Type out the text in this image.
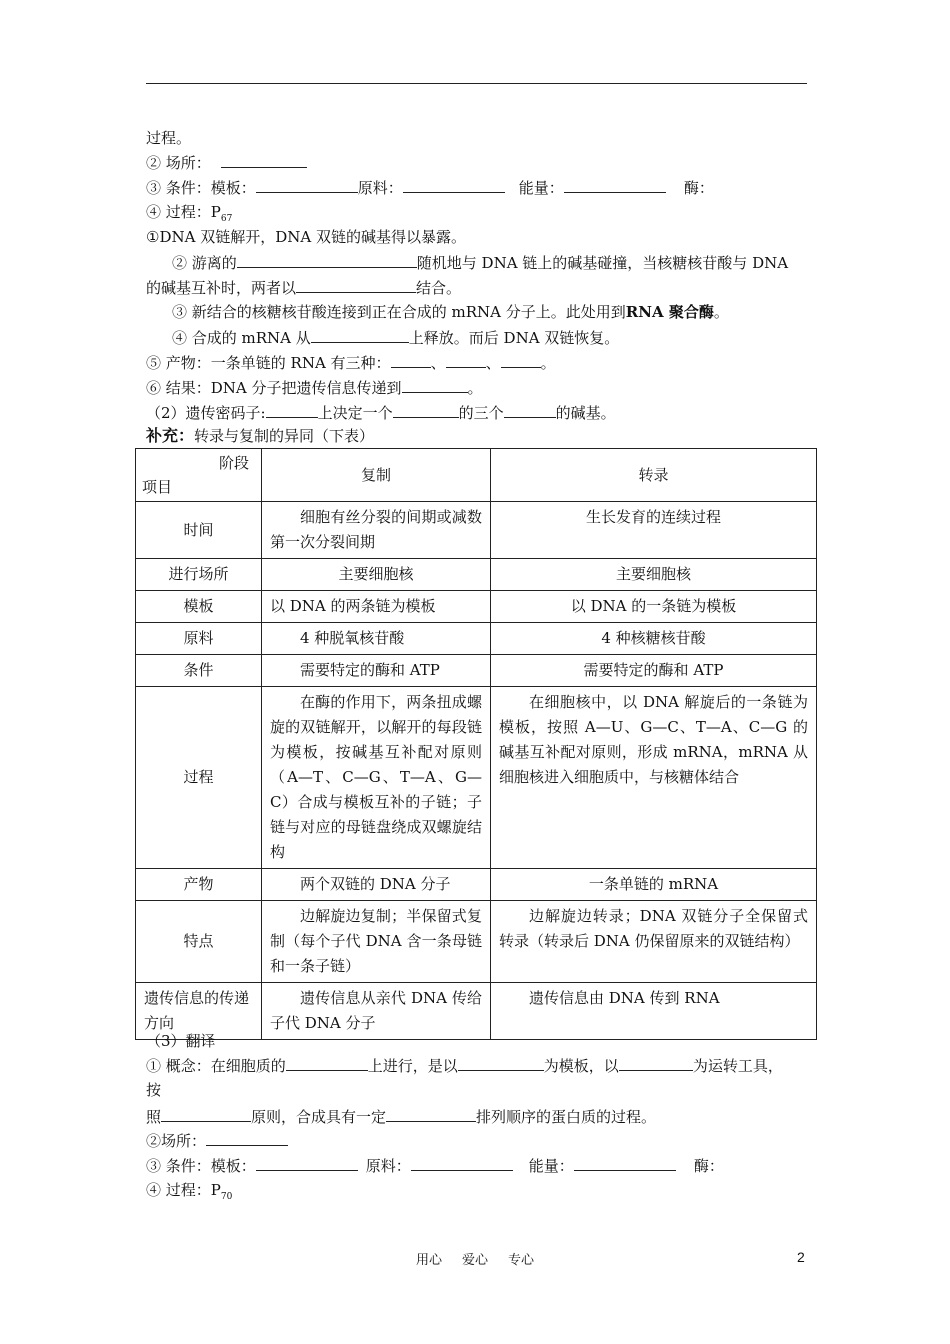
过程。
② 场所：
③ 条件：模板：	原料：	能量：	酶：
④ 过程：$P_{67}$
①DNA 双链解开，DNA 双链的碱基得以暴露。
② 游离的	随机地与 DNA 链上的碱基碰撞，当核糖核苷酸与 DNA
的碱基互补时，两者以	结合。
③ 新结合的核糖核苷酸连接到正在合成的 mRNA 分子上。此处用到RNA 聚合酶。
④ 合成的 mRNA 从	上释放。而后 DNA 双链恢复。
⑤ 产物：一条单链的 RNA 有三种：	、	、	。
⑥ 结果：DNA 分子把遗传信息传递到	。
（2）遗传密码子:	上决定一个	的三个	的碱基。
补充：转录与复制的异同（下表）
阶段
项目	复制	转录
时间	细胞有丝分裂的间期或减数第一次分裂间期	生长发育的连续过程
进行场所	主要细胞核	主要细胞核
模板	以 DNA 的两条链为模板	以 DNA 的一条链为模板
原料	4 种脱氧核苷酸	4 种核糖核苷酸
条件	需要特定的酶和 ATP	需要特定的酶和 ATP
过程	在酶的作用下，两条扭成螺旋的双链解开，以解开的每段链为模板，按碱基互补配对原则（A—T、C—G、T—A、G—C）合成与模板互补的子链；子链与对应的母链盘绕成双螺旋结构	在细胞核中，以 DNA 解旋后的一条链为模板，按照 A—U、G—C、T—A、C—G 的碱基互补配对原则，形成 mRNA，mRNA 从细胞核进入细胞质中，与核糖体结合
产物	两个双链的 DNA 分子	一条单链的 mRNA
特点	边解旋边复制；半保留式复制（每个子代 DNA 含一条母链和一条子链）	边解旋边转录；DNA 双链分子全保留式转录（转录后 DNA 仍保留原来的双链结构）
遗传信息的传递方向	遗传信息从亲代 DNA 传给子代 DNA 分子	遗传信息由 DNA 传到 RNA
（3）翻译
① 概念：在细胞质的	上进行，是以	为模板，以	为运转工具，
按
照	原则，合成具有一定	排列顺序的蛋白质的过程。
②场所：
③ 条件：模板：	原料：	能量：	酶：
④ 过程：$P_{70}$
用心 爱心 专心	2
